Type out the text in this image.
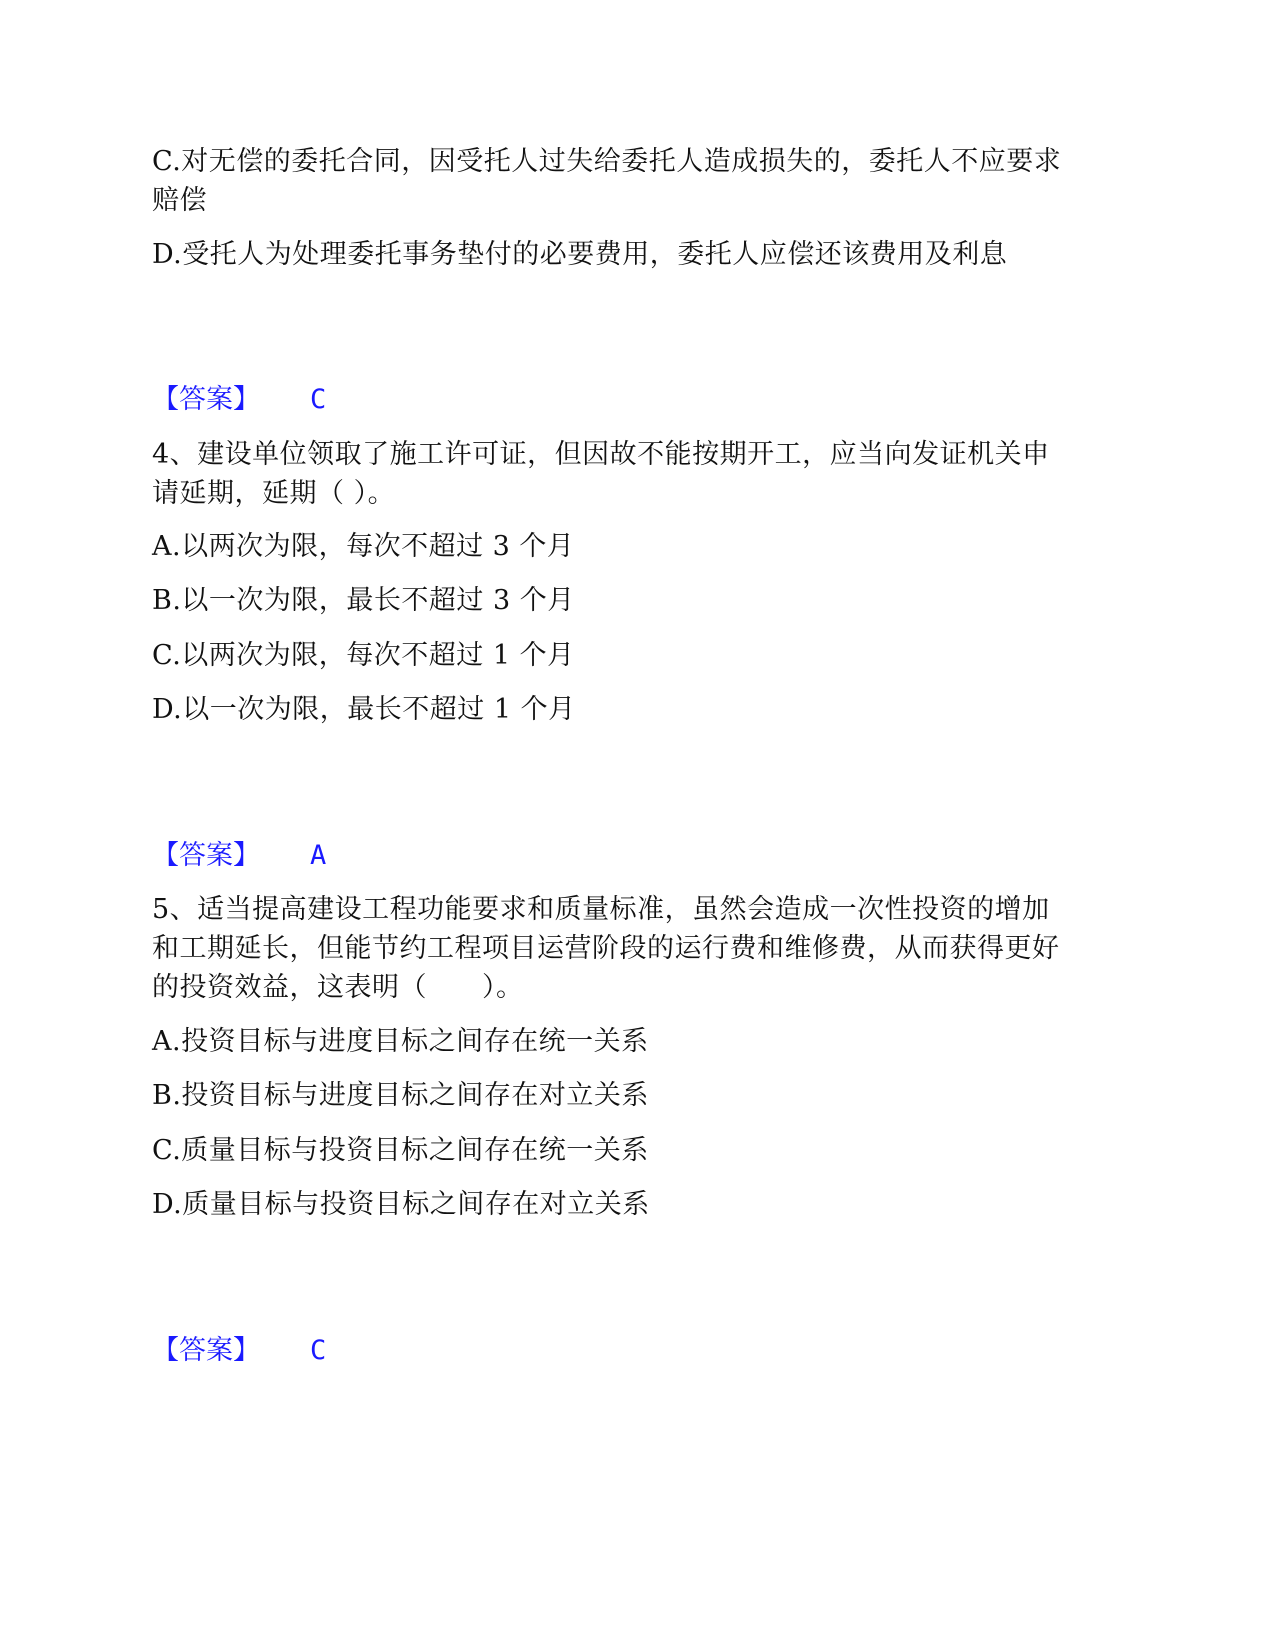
C.对无偿的委托合同，因受托人过失给委托人造成损失的，委托人不应要求
赔偿
D.受托人为处理委托事务垫付的必要费用，委托人应偿还该费用及利息
【答案】 C
4、建设单位领取了施工许可证，但因故不能按期开工，应当向发证机关申
请延期，延期（ ）。
A.以两次为限，每次不超过 3 个月
B.以一次为限，最长不超过 3 个月
C.以两次为限，每次不超过 1 个月
D.以一次为限，最长不超过 1 个月
【答案】 A
5、适当提高建设工程功能要求和质量标准，虽然会造成一次性投资的增加
和工期延长，但能节约工程项目运营阶段的运行费和维修费，从而获得更好
的投资效益，这表明（　　）。
A.投资目标与进度目标之间存在统一关系
B.投资目标与进度目标之间存在对立关系
C.质量目标与投资目标之间存在统一关系
D.质量目标与投资目标之间存在对立关系
【答案】 C
